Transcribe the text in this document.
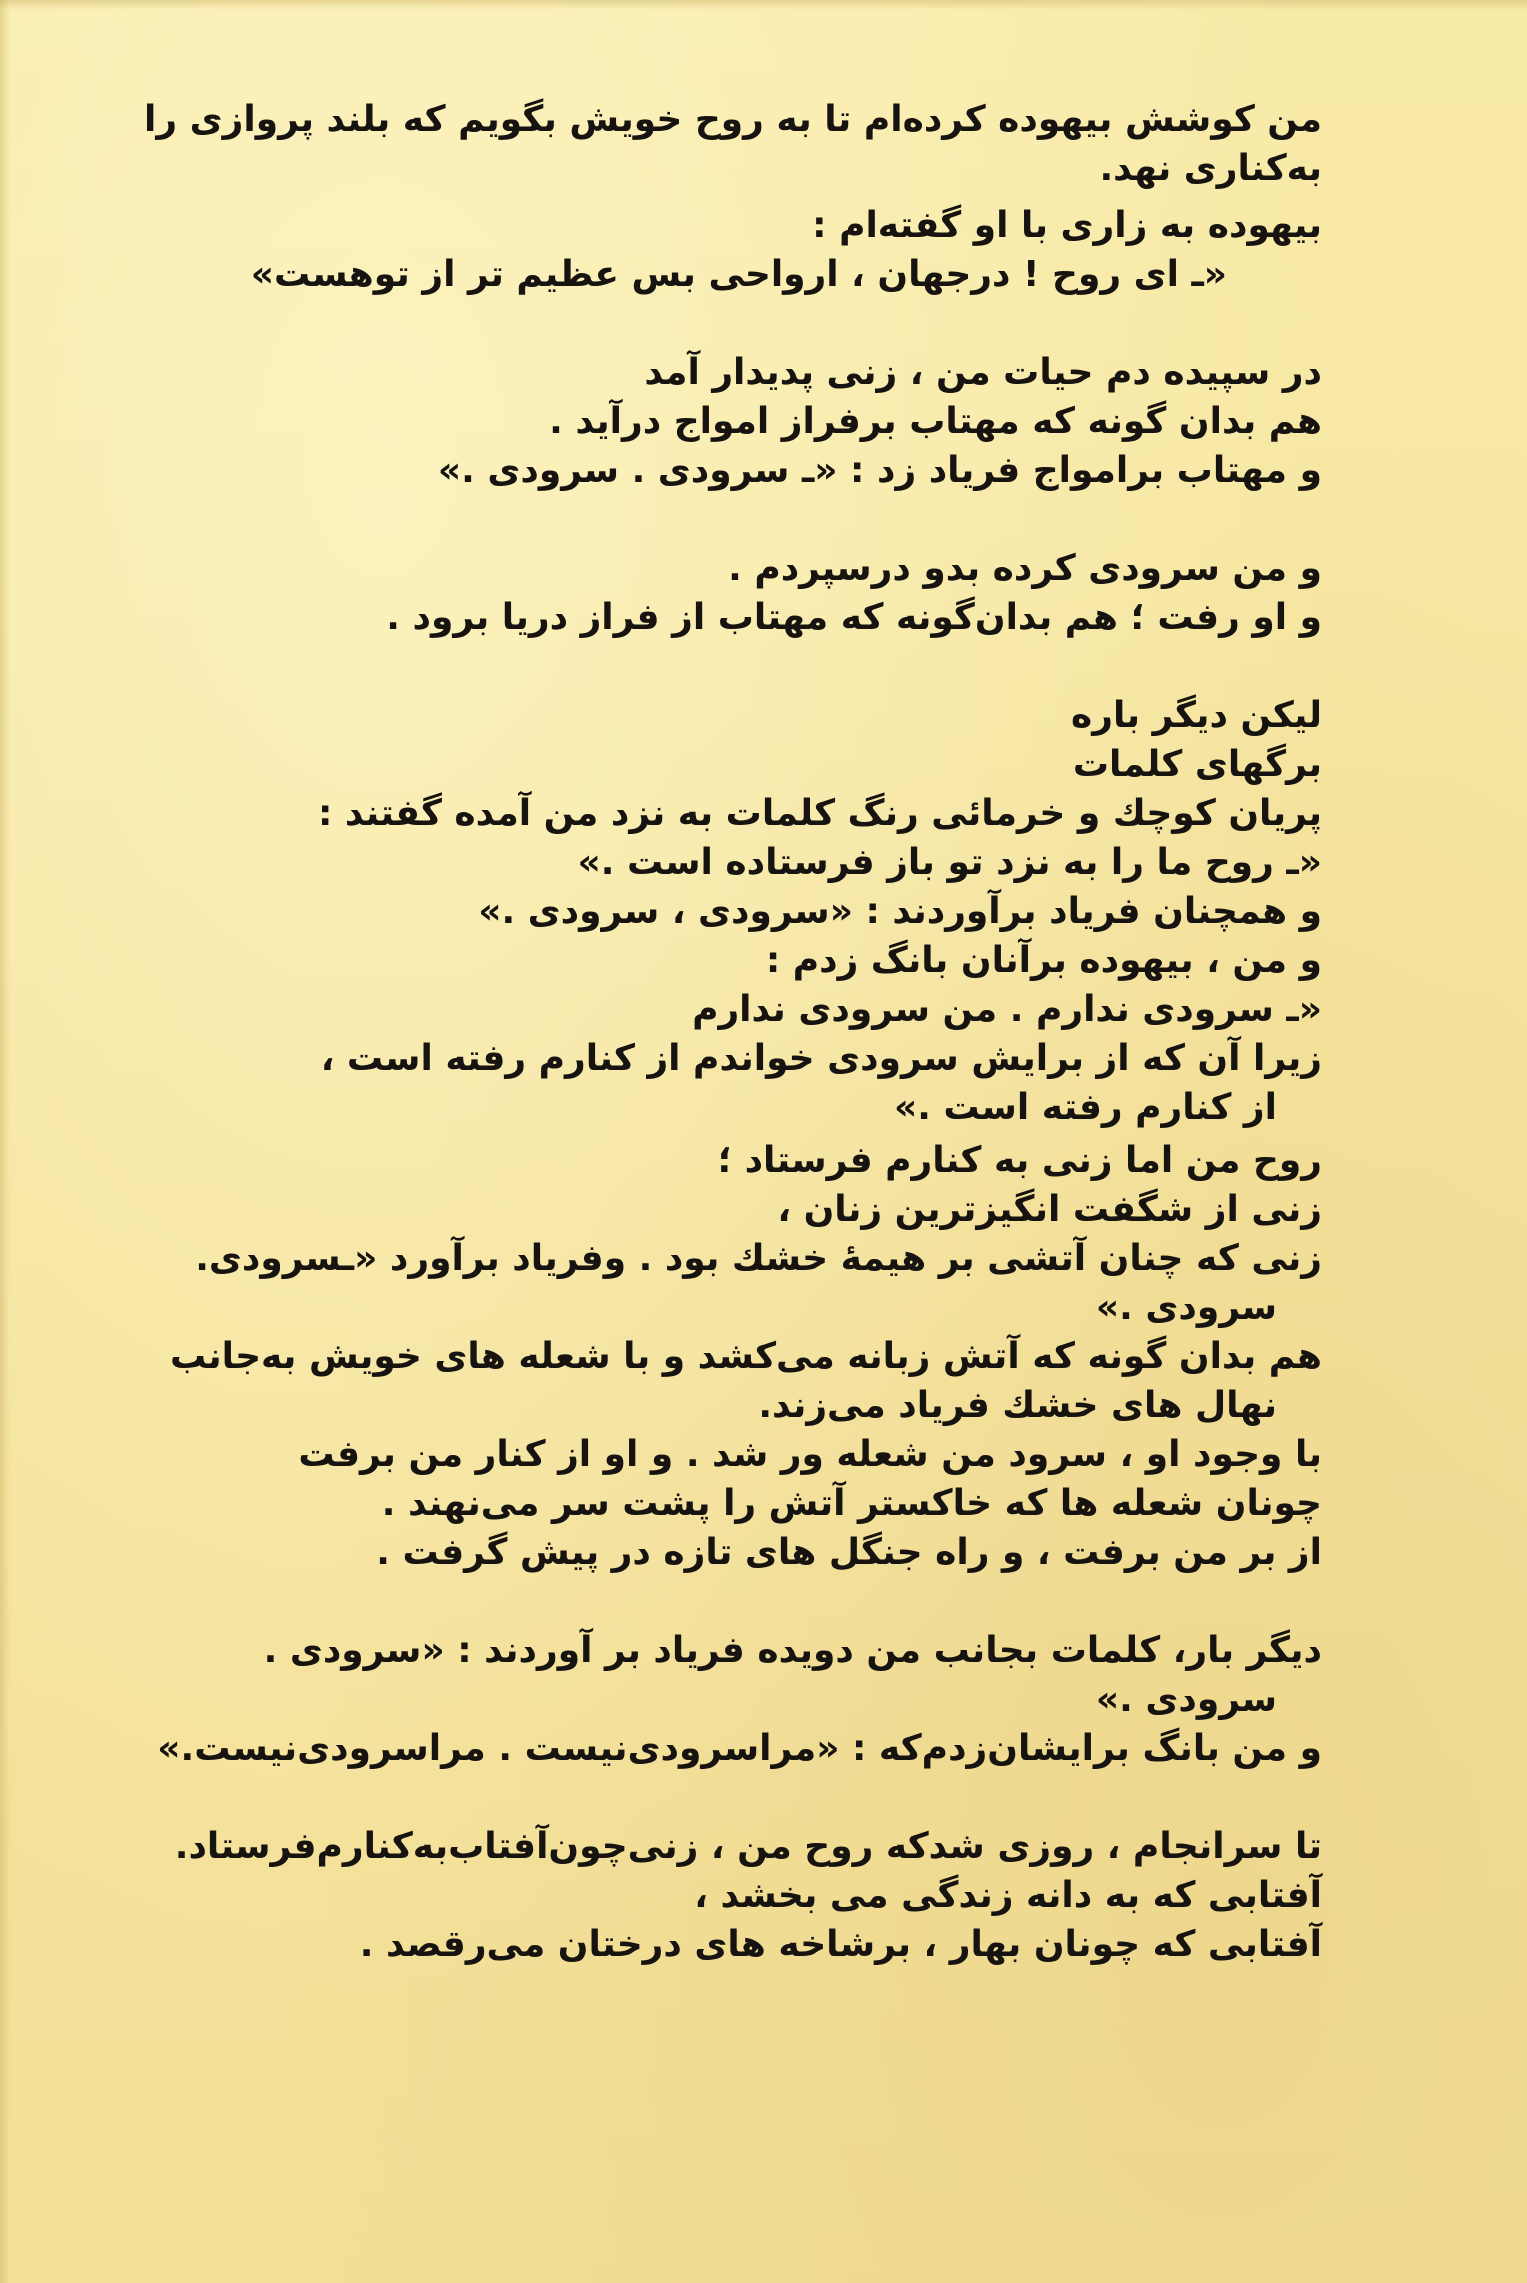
من کوشش بیهوده کرده‌ام تا به روح خویش بگویم که بلند پروازی را
به‌کناری نهد.
بیهوده به زاری با او گفته‌ام :
«ـ ای روح ! درجهان ، ارواحی بس عظیم تر از توهست»
در سپیده دم حیات من ، زنی پدیدار آمد
هم بدان گونه که مهتاب برفراز امواج درآید .
و مهتاب برامواج فریاد زد : «ـ سرودی . سرودی .»
و من سرودی کرده بدو درسپردم .
و او رفت ؛ هم بدان‌گونه که مهتاب از فراز دریا برود .
لیکن دیگر باره
برگهای کلمات
پریان کوچك و خرمائی رنگ کلمات به نزد من آمده گفتند :
«ـ روح ما را به نزد تو باز فرستاده است .»
و همچنان فریاد برآوردند : «سرودی ، سرودی .»
و من ، بیهوده برآنان بانگ زدم :
«ـ سرودی ندارم . من سرودی ندارم
زیرا آن که از برایش سرودی خواندم از کنارم رفته است ،
از کنارم رفته است .»
روح من اما زنی به کنارم فرستاد ؛
زنی از شگفت انگیزترین زنان ،
زنی که چنان آتشی بر هیمهٔ خشك بود . وفریاد برآورد «ـسرودی.
سرودی .»
هم بدان گونه که آتش زبانه می‌کشد و با شعله های خویش به‌جانب
نهال های خشك فریاد می‌زند.
با وجود او ، سرود من شعله ور شد . و او از کنار من برفت
چونان شعله ها که خاکستر آتش را پشت سر می‌نهند .
از بر من برفت ، و راه جنگل های تازه در پیش گرفت .
دیگر بار، کلمات بجانب من دویده فریاد بر آوردند : «سرودی .
سرودی .»
و من بانگ برایشان‌زدم‌که : «مراسرودی‌نیست . مراسرودی‌نیست.»
تا سرانجام ، روزی شدکه روح من ، زنی‌چون‌آفتاب‌به‌کنارم‌فرستاد.
آفتابی که به دانه زندگی می بخشد ،
آفتابی که چونان بهار ، برشاخه های درختان می‌رقصد .
